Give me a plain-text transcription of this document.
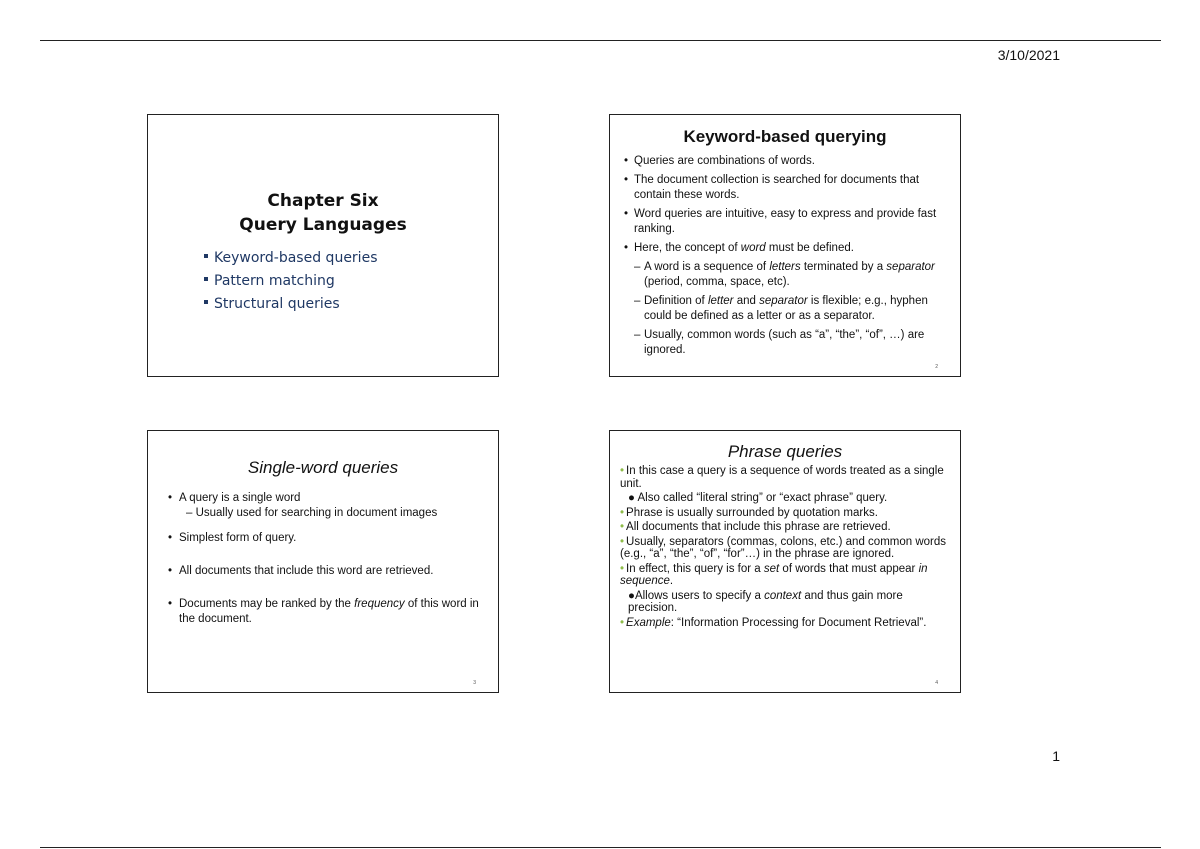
3/10/2021
Chapter Six
Query Languages
Keyword-based queries
Pattern matching
Structural queries
Keyword-based querying
• Queries are combinations of words.
• The document collection is searched for documents that contain these words.
• Word queries are intuitive, easy to express and provide fast ranking.
• Here, the concept of word must be defined.
– A word is a sequence of letters terminated by a separator (period, comma, space, etc).
– Definition of letter and separator is flexible; e.g., hyphen could be defined as a letter or as a separator.
– Usually, common words (such as “a”, “the”, “of”, …) are ignored.
2
Single-word queries
• A query is a single word
– Usually used for searching in document images
• Simplest form of query.
• All documents that include this word are retrieved.
• Documents may be ranked by the frequency of this word in the document.
3
Phrase queries
• In this case a query is a sequence of words treated as a single unit.
● Also called “literal string” or “exact phrase” query.
• Phrase is usually surrounded by quotation marks.
• All documents that include this phrase are retrieved.
• Usually, separators (commas, colons, etc.) and common words (e.g., “a”, “the”, “of”, “for”…) in the phrase are ignored.
• In effect, this query is for a set of words that must appear in sequence.
●Allows users to specify a context and thus gain more precision.
• Example: “Information Processing for Document Retrieval”.
4
1
